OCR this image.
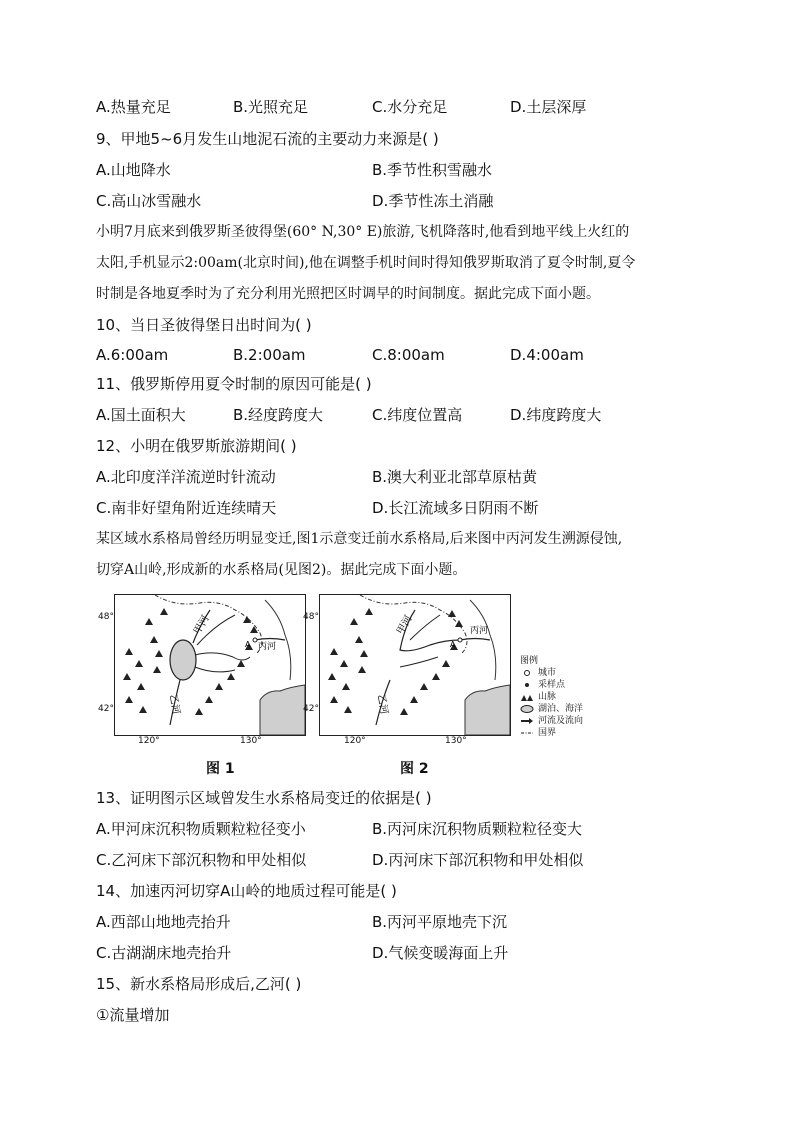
A.热量充足	B.光照充足	C.水分充足	D.土层深厚
9、甲地5~6月发生山地泥石流的主要动力来源是( )
A.山地降水	B.季节性积雪融水
C.高山冰雪融水	D.季节性冻土消融
小明7月底来到俄罗斯圣彼得堡(60° N,30° E)旅游,飞机降落时,他看到地平线上火红的
太阳,手机显示2:00am(北京时间),他在调整手机时间时得知俄罗斯取消了夏令时制,夏令
时制是各地夏季时为了充分利用光照把区时调早的时间制度。据此完成下面小题。
10、当日圣彼得堡日出时间为( )
A.6:00am	B.2:00am	C.8:00am	D.4:00am
11、俄罗斯停用夏令时制的原因可能是( )
A.国土面积大	B.经度跨度大	C.纬度位置高	D.纬度跨度大
12、小明在俄罗斯旅游期间( )
A.北印度洋洋流逆时针流动	B.澳大利亚北部草原枯黄
C.南非好望角附近连续晴天	D.长江流域多日阴雨不断
某区域水系格局曾经历明显变迁,图1示意变迁前水系格局,后来图中丙河发生溯源侵蚀,
切穿A山岭,形成新的水系格局(见图2)。据此完成下面小题。
甲河
乙河
丙河
A
甲河
乙河
丙河
A
48°
42°
120°	130°
48°
42°
120°	130°
图 1	图 2
图例
城市
采样点
山脉
湖泊、海洋
河流及流向
国界
13、证明图示区域曾发生水系格局变迁的依据是( )
A.甲河床沉积物质颗粒粒径变小	B.丙河床沉积物质颗粒粒径变大
C.乙河床下部沉积物和甲处相似	D.丙河床下部沉积物和甲处相似
14、加速丙河切穿A山岭的地质过程可能是( )
A.西部山地地壳抬升	B.丙河平原地壳下沉
C.古湖湖床地壳抬升	D.气候变暖海面上升
15、新水系格局形成后,乙河( )
①流量增加
